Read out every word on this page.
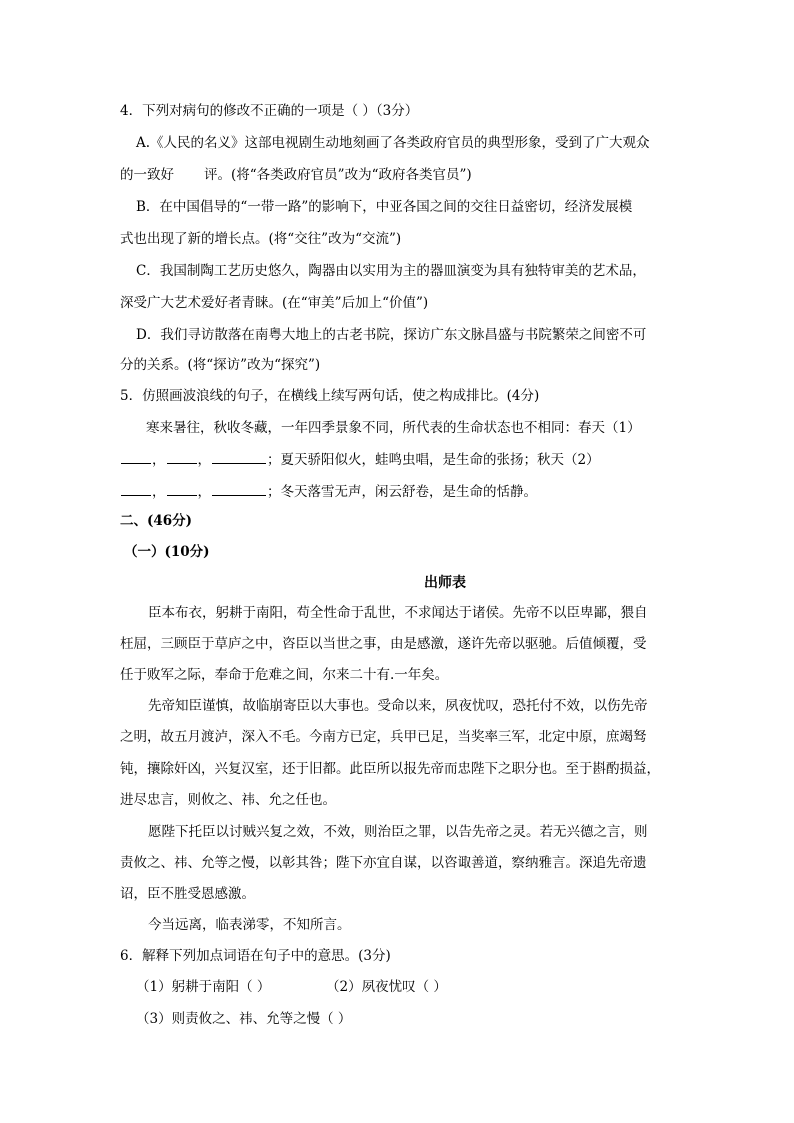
4．下列对病句的修改不正确的一项是（ ）（3分）
A.《人民的名义》这部电视剧生动地刻画了各类政府官员的典型形象，受到了广大观众
的一致好 评。(将“各类政府官员”改为“政府各类官员”)
B．在中国倡导的“一带一路”的影响下，中亚各国之间的交往日益密切，经济发展模
式也出现了新的增长点。(将“交往”改为“交流”)
C．我国制陶工艺历史悠久，陶器由以实用为主的器皿演变为具有独特审美的艺术品，
深受广大艺术爱好者青睐。(在“审美”后加上“价值”)
D．我们寻访散落在南粤大地上的古老书院，探访广东文脉昌盛与书院繁荣之间密不可
分的关系。(将“探访”改为“探究”)
5．仿照画波浪线的句子，在横线上续写两句话，使之构成排比。(4分)
寒来暑往，秋收冬藏，一年四季景象不同，所代表的生命状态也不相同：春天（1）
， ，	；夏天骄阳似火，蛙鸣虫唱，是生命的张扬；秋天（2）
， ，	；冬天落雪无声，闲云舒卷，是生命的恬静。
二、(46分)
（一）(10分)
出师表
臣本布衣，躬耕于南阳，苟全性命于乱世，不求闻达于诸侯。先帝不以臣卑鄙，猥自
枉屈，三顾臣于草庐之中，咨臣以当世之事，由是感激，遂许先帝以驱驰。后值倾覆，受
任于败军之际，奉命于危难之间，尔来二十有.一年矣。
先帝知臣谨慎，故临崩寄臣以大事也。受命以来，夙夜忧叹，恐托付不效，以伤先帝
之明，故五月渡泸，深入不毛。今南方已定，兵甲已足，当奖率三军，北定中原，庶竭驽
钝，攘除奸凶，兴复汉室，还于旧都。此臣所以报先帝而忠陛下之职分也。至于斟酌损益，
进尽忠言，则攸之、祎、允之任也。
愿陛下托臣以讨贼兴复之效，不效，则治臣之罪，以告先帝之灵。若无兴德之言，则
责攸之、祎、允等之慢，以彰其咎；陛下亦宜自谋，以咨诹善道，察纳雅言。深追先帝遗
诏，臣不胜受恩感激。
今当远离，临表涕零，不知所言。
6．解释下列加点词语在句子中的意思。(3分)
（1）躬耕于南阳（ ）	（2）夙夜忧叹（ ）
（3）则责攸之、祎、允等之慢（ ）
